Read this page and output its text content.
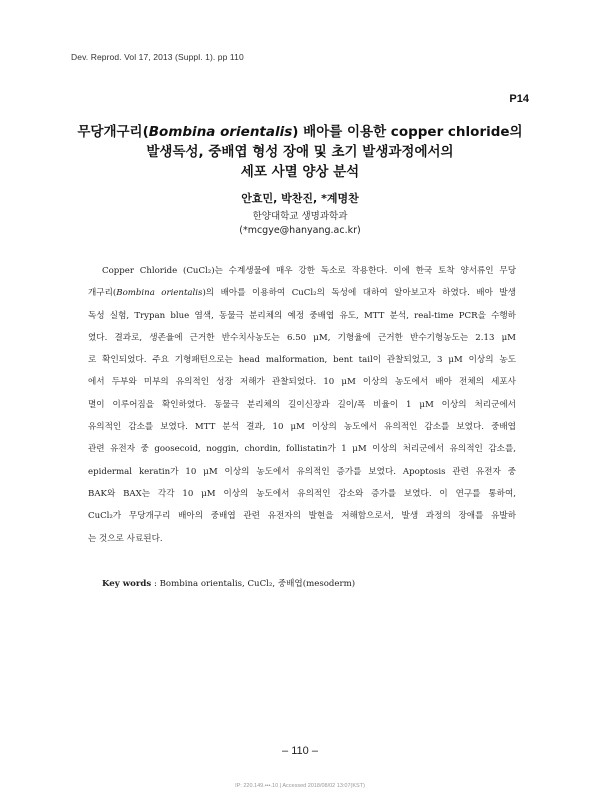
Dev. Reprod. Vol 17, 2013 (Suppl. 1). pp 110
P14
무당개구리(Bombina orientalis) 배아를 이용한 copper chloride의
발생독성, 중배엽 형성 장애 및 초기 발생과정에서의
세포 사멸 양상 분석
안효민, 박찬진, *계명찬
한양대학교 생명과학과
(*mcgye@hanyang.ac.kr)
Copper Chloride (CuCl₂)는 수계생물에 매우 강한 독소로 작용한다. 이에 한국 토착 양서류인 무당
개구리(Bombina orientalis)의 배아를 이용하여 CuCl₂의 독성에 대하여 알아보고자 하였다. 배아 발생
독성 실험, Trypan blue 염색, 동물극 분리체의 예정 중배엽 유도, MTT 분석, real-time PCR을 수행하
였다. 결과로, 생존율에 근거한 반수치사농도는 6.50 μM, 기형율에 근거한 반수기형농도는 2.13 μM
로 확인되었다. 주요 기형패턴으로는 head malformation, bent tail이 관찰되었고, 3 μM 이상의 농도
에서 두부와 미부의 유의적인 성장 저해가 관찰되었다. 10 μM 이상의 농도에서 배아 전체의 세포사
멸이 이루어짐을 확인하였다. 동물극 분리체의 길이신장과 길이/폭 비율이 1 μM 이상의 처리군에서
유의적인 감소를 보였다. MTT 분석 결과, 10 μM 이상의 농도에서 유의적인 감소를 보였다. 중배엽
관련 유전자 중 goosecoid, noggin, chordin, follistatin가 1 μM 이상의 처리군에서 유의적인 감소를,
epidermal keratin가 10 μM 이상의 농도에서 유의적인 증가를 보였다. Apoptosis 관련 유전자 중
BAK와 BAX는 각각 10 μM 이상의 농도에서 유의적인 감소와 증가를 보였다. 이 연구를 통하여,
CuCl₂가 무당개구리 배아의 중배엽 관련 유전자의 발현을 저해함으로서, 발생 과정의 장애를 유발하
는 것으로 사료된다.
Key words : Bombina orientalis, CuCl₂, 중배엽(mesoderm)
– 110 –
IP: 220.149.•••.10 | Accessed 2018/08/02 13:07(KST)
